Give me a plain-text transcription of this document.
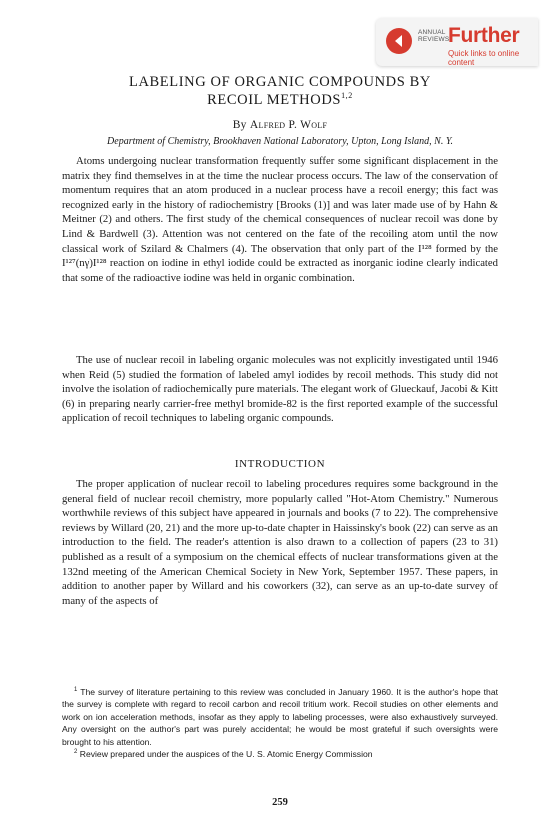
ANNUAL
REVIEWS
Further
Quick links to online content
LABELING OF ORGANIC COMPOUNDS BY
RECOIL METHODS$^{1,2}$
By Alfred P. Wolf
Department of Chemistry, Brookhaven National Laboratory, Upton, Long Island, N. Y.

Atoms undergoing nuclear transformation frequently suffer some significant displacement in the matrix they find themselves in at the time the nuclear process occurs. The law of the conservation of momentum requires that an atom produced in a nuclear process have a recoil energy; this fact was recognized early in the history of radiochemistry [Brooks (1)] and was later made use of by Hahn & Meitner (2) and others. The first study of the chemical consequences of nuclear recoil was done by Lind & Bardwell (3). Attention was not centered on the fate of the recoiling atom until the now classical work of Szilard & Chalmers (4). The observation that only part of the I¹²⁸ formed by the I¹²⁷(nγ)I¹²⁸ reaction on iodine in ethyl iodide could be extracted as inorganic iodine clearly indicated that some of the radioactive iodine was held in organic combination.

The use of nuclear recoil in labeling organic molecules was not explicitly investigated until 1946 when Reid (5) studied the formation of labeled amyl iodides by recoil methods. This study did not involve the isolation of radiochemically pure materials. The elegant work of Glueckauf, Jacobi & Kitt (6) in preparing nearly carrier-free methyl bromide-82 is the first reported example of the successful application of recoil techniques to labeling organic compounds.

INTRODUCTION

The proper application of nuclear recoil to labeling procedures requires some background in the general field of nuclear recoil chemistry, more popularly called "Hot-Atom Chemistry." Numerous worthwhile reviews of this subject have appeared in journals and books (7 to 22). The comprehensive reviews by Willard (20, 21) and the more up-to-date chapter in Haissinsky's book (22) can serve as an introduction to the field. The reader's attention is also drawn to a collection of papers (23 to 31) published as a result of a symposium on the chemical effects of nuclear transformations given at the 132nd meeting of the American Chemical Society in New York, September 1957. These papers, in addition to another paper by Willard and his coworkers (32), can serve as an up-to-date survey of many of the aspects of

$^1$ The survey of literature pertaining to this review was concluded in January 1960. It is the author's hope that the survey is complete with regard to recoil carbon and recoil tritium work. Recoil studies on other elements and work on ion acceleration methods, insofar as they apply to labeling processes, were also exhaustively surveyed. Any oversight on the author's part was purely accidental; he would be most grateful if such oversights were brought to his attention.

$^2$ Review prepared under the auspices of the U. S. Atomic Energy Commission

259
